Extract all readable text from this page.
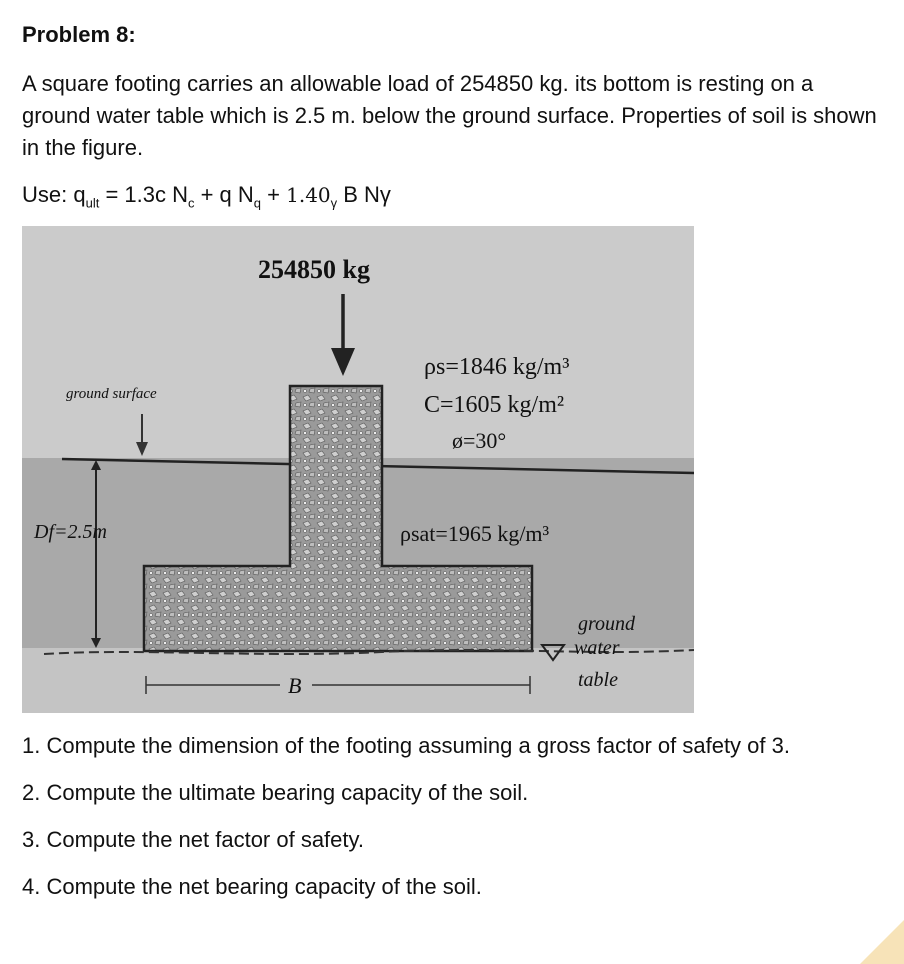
Problem 8:
A square footing carries an allowable load of 254850 kg. its bottom is resting on a ground water table which is 2.5 m. below the ground surface. Properties of soil is shown in the figure.
Use: $q_{ult} = 1.3c$ $N_c + q$ $N_q + 1.40_\gamma$ B Nγ
254850 kg
ground surface
ρs=1846 kg/m³
C=1605 kg/m²
ø=30°
ρsat=1965 kg/m³
Df=2.5m
ground
water
table
B
1. Compute the dimension of the footing assuming a gross factor of safety of 3.
2. Compute the ultimate bearing capacity of the soil.
3. Compute the net factor of safety.
4. Compute the net bearing capacity of the soil.
